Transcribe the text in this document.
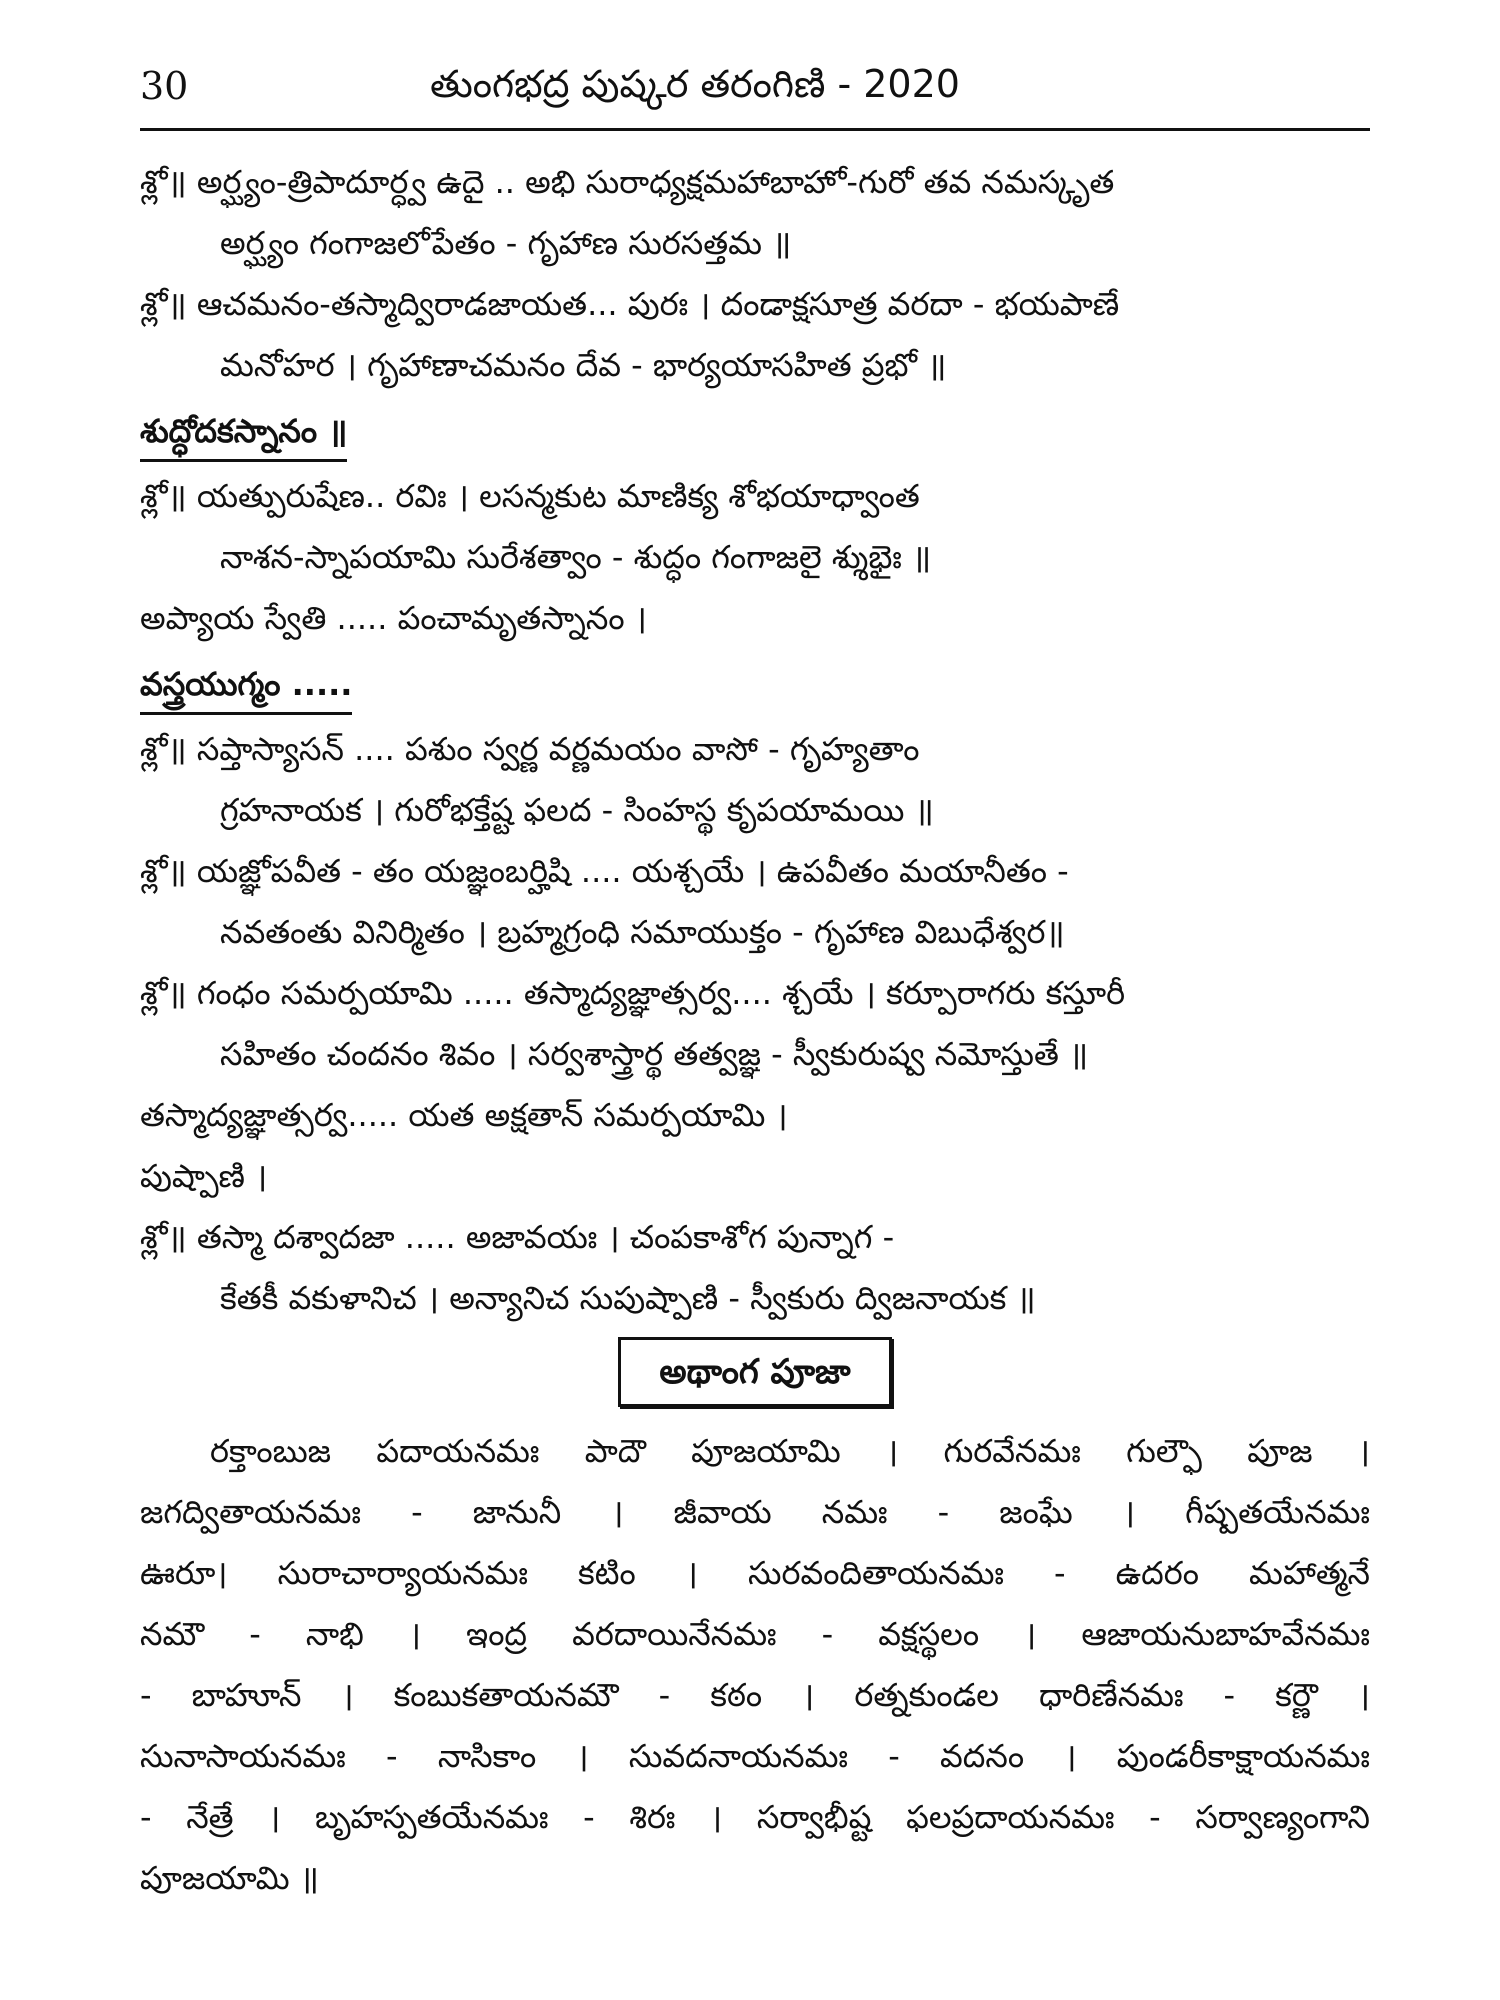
30	తుంగభద్ర పుష్కర తరంగిణి - 2020
శ్లో॥ అర్ఘ్యం-త్రిపాదూర్ధ్వ ఉదై .. అభి సురాధ్యక్షమహాబాహో-గురో తవ నమస్కృత
అర్ఘ్యం గంగాజలోపేతం - గృహాణ సురసత్తమ ॥
శ్లో॥ ఆచమనం-తస్మాద్విరాడజాయత... పురః । దండాక్షసూత్ర వరదా - భయపాణే
మనోహర । గృహాణాచమనం దేవ - భార్యయాసహిత ప్రభో ॥
శుద్ధోదకస్నానం ॥
శ్లో॥ యత్పురుషేణ.. రవిః । లసన్మకుట మాణిక్య శోభయాధ్వాంత
నాశన-స్నాపయామి సురేశత్వాం - శుద్ధం గంగాజలై శ్శుభైః ॥
అప్యాయ స్వేతి ..... పంచామృతస్నానం ।
వస్త్రయుగ్మం .....
శ్లో॥ సప్తాస్యాసన్ .... పశుం స్వర్ణ వర్ణమయం వాసో - గృహ్యతాం
గ్రహనాయక । గురోభక్తేష్ట ఫలద - సింహస్థ కృపయామయి ॥
శ్లో॥ యజ్ఞోపవీత - తం యజ్ఞంబర్హిషి .... యశ్చయే । ఉపవీతం మయానీతం -
నవతంతు వినిర్మితం । బ్రహ్మగ్రంధి సమాయుక్తం - గృహాణ విబుధేశ్వర॥
శ్లో॥ గంధం సమర్పయామి ..... తస్మాద్యజ్ఞాత్సర్వ.... శ్చయే । కర్పూరాగరు కస్తూరీ
సహితం చందనం శివం । సర్వశాస్త్రార్థ తత్వజ్ఞ - స్వీకురుష్వ నమోస్తుతే ॥
తస్మాద్యజ్ఞాత్సర్వ..... యత అక్షతాన్ సమర్పయామి ।
పుష్పాణి ।
శ్లో॥ తస్మా దశ్వాదజా ..... అజావయః । చంపకాశోగ పున్నాగ -
కేతకీ వకుళానిచ । అన్యానిచ సుపుష్పాణి - స్వీకురు ద్విజనాయక ॥
అథాంగ పూజా
రక్తాంబుజ పదాయనమః పాదౌ పూజయామి । గురవేనమః గుల్ఫౌ పూజ ।
జగద్వితాయనమః - జానునీ । జీవాయ నమః - జంఘే । గీష్పతయేనమః
ఊరూ। సురాచార్యాయనమః కటిం । సురవందితాయనమః - ఉదరం మహాత్మనే
నమౌ - నాభి । ఇంద్ర వరదాయినేనమః - వక్షస్థలం । ఆజాయనుబాహవేనమః
- బాహూన్ । కంబుకతాయనమౌ - కఠం । రత్నకుండల ధారిణేనమః - కర్ణౌ ।
సునాసాయనమః - నాసికాం । సువదనాయనమః - వదనం । పుండరీకాక్షాయనమః
- నేత్రే । బృహస్పతయేనమః - శిరః । సర్వాభీష్ట ఫలప్రదాయనమః - సర్వాణ్యంగాని
పూజయామి ॥
